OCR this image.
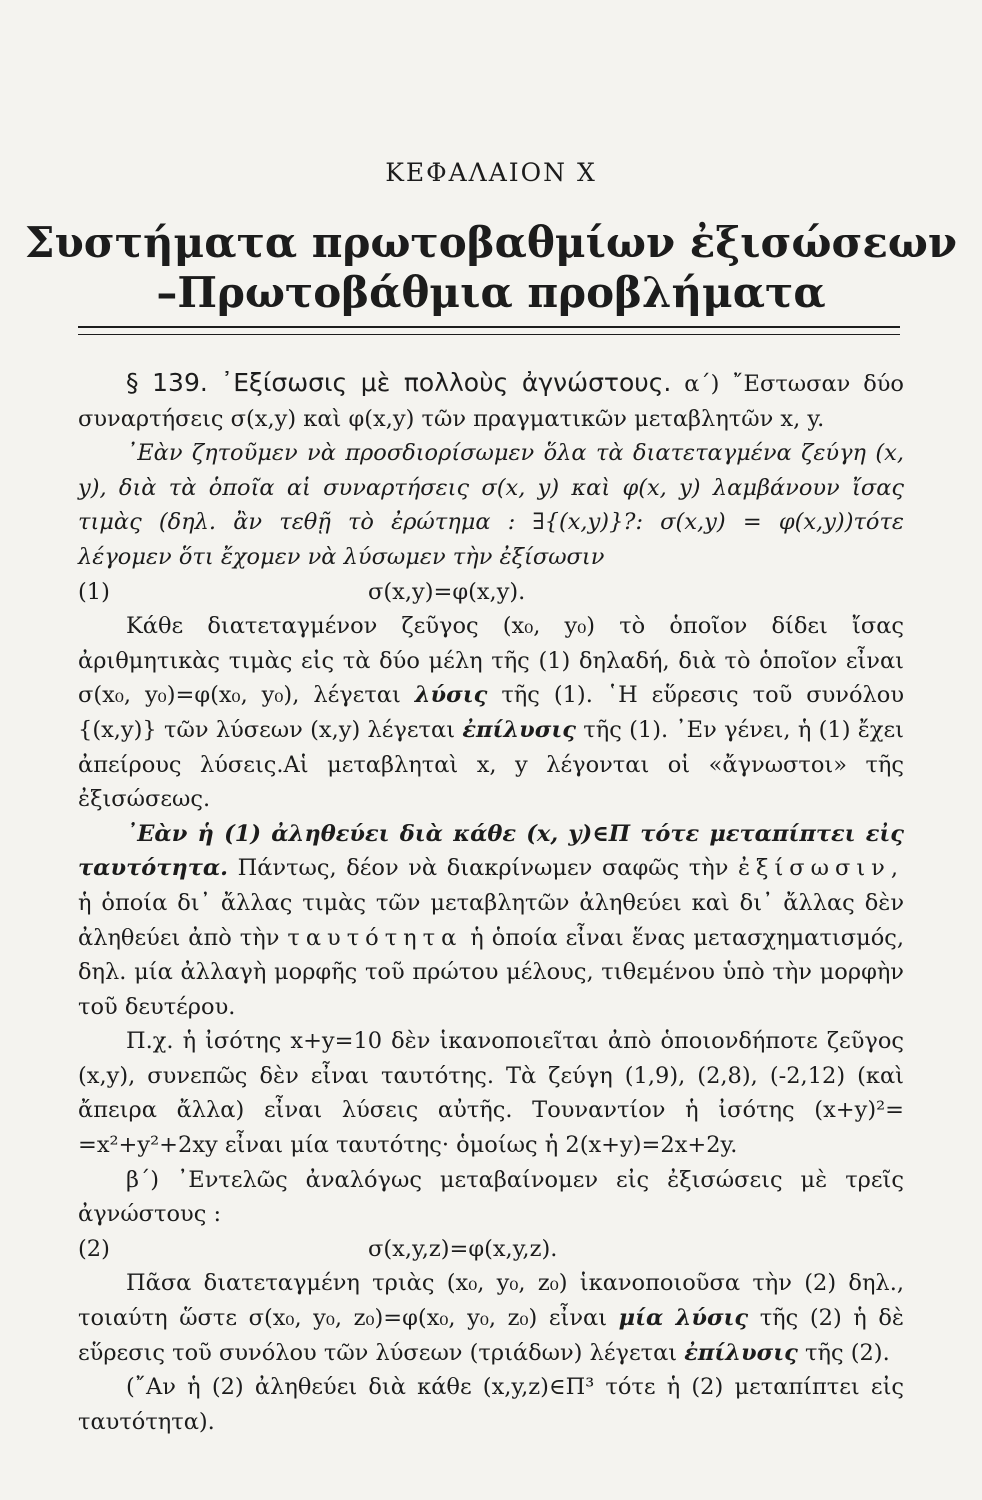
ΚΕΦΑΛΑΙΟΝ Χ
Συστήματα πρωτοβαθμίων ἐξισώσεων
–Πρωτοβάθμια προβλήματα

§ 139. ᾿Εξίσωσις μὲ πολλοὺς ἀγνώστους. α΄) ῎Εστωσαν δύο συναρτήσεις σ(x,y) καὶ φ(x,y) τῶν πραγματικῶν μεταβλητῶν x, y.

᾿Εὰν ζητοῦμεν νὰ προσδιορίσωμεν ὅλα τὰ διατεταγμένα ζεύγη (x, y), διὰ τὰ ὁποῖα αἱ συναρτήσεις σ(x, y) καὶ φ(x, y) λαμβάνουν ἴσας τιμὰς (δηλ. ἂν τεθῇ τὸ ἐρώτημα : ∃{(x,y)}?: σ(x,y) = φ(x,y))τότε λέγομεν ὅτι ἔχομεν νὰ λύσωμεν τὴν ἐξίσωσιν

(1)	σ(x,y)=φ(x,y).

Κάθε διατεταγμένον ζεῦγος (x₀, y₀) τὸ ὁποῖον δίδει ἴσας ἀριθμητικὰς τιμὰς εἰς τὰ δύο μέλη τῆς (1) δηλαδή, διὰ τὸ ὁποῖον εἶναι σ(x₀, y₀)=φ(x₀, y₀), λέγεται λύσις τῆς (1). ῾Η εὕρεσις τοῦ συνόλου {(x,y)} τῶν λύσεων (x,y) λέγεται ἐπίλυσις τῆς (1). ᾿Εν γένει, ἡ (1) ἔχει ἀπείρους λύσεις.Αἱ μεταβληταὶ x, y λέγονται οἱ «ἄγνωστοι» τῆς ἐξισώσεως.

᾿Εὰν ἡ (1) ἀληθεύει διὰ κάθε (x, y)∈Π τότε μεταπίπτει εἰς ταυτότητα. Πάντως, δέον νὰ διακρίνωμεν σαφῶς τὴν ἐξίσωσιν, ἡ ὁποία δι᾿ ἄλλας τιμὰς τῶν μεταβλητῶν ἀληθεύει καὶ δι᾿ ἄλλας δὲν ἀληθεύει ἀπὸ τὴν ταυτότητα ἡ ὁποία εἶναι ἕνας μετασχηματισμός, δηλ. μία ἀλλαγὴ μορφῆς τοῦ πρώτου μέλους, τιθεμένου ὑπὸ τὴν μορφὴν τοῦ δευτέρου.

Π.χ. ἡ ἰσότης x+y=10 δὲν ἱκανοποιεῖται ἀπὸ ὁποιονδήποτε ζεῦγος (x,y), συνεπῶς δὲν εἶναι ταυτότης. Τὰ ζεύγη (1,9), (2,8), (-2,12) (καὶ ἄπειρα ἄλλα) εἶναι λύσεις αὐτῆς. Τουναντίον ἡ ἰσότης (x+y)²= =x²+y²+2xy εἶναι μία ταυτότης· ὁμοίως ἡ 2(x+y)=2x+2y.

β΄) ᾿Εντελῶς ἀναλόγως μεταβαίνομεν εἰς ἐξισώσεις μὲ τρεῖς ἀγνώστους :

(2)	σ(x,y,z)=φ(x,y,z).

Πᾶσα διατεταγμένη τριὰς (x₀, y₀, z₀) ἱκανοποιοῦσα τὴν (2) δηλ., τοιαύτη ὥστε σ(x₀, y₀, z₀)=φ(x₀, y₀, z₀) εἶναι μία λύσις τῆς (2) ἡ δὲ εὕρεσις τοῦ συνόλου τῶν λύσεων (τριάδων) λέγεται ἐπίλυσις τῆς (2).

(῎Αν ἡ (2) ἀληθεύει διὰ κάθε (x,y,z)∈Π³ τότε ἡ (2) μεταπίπτει εἰς ταυτότητα).
